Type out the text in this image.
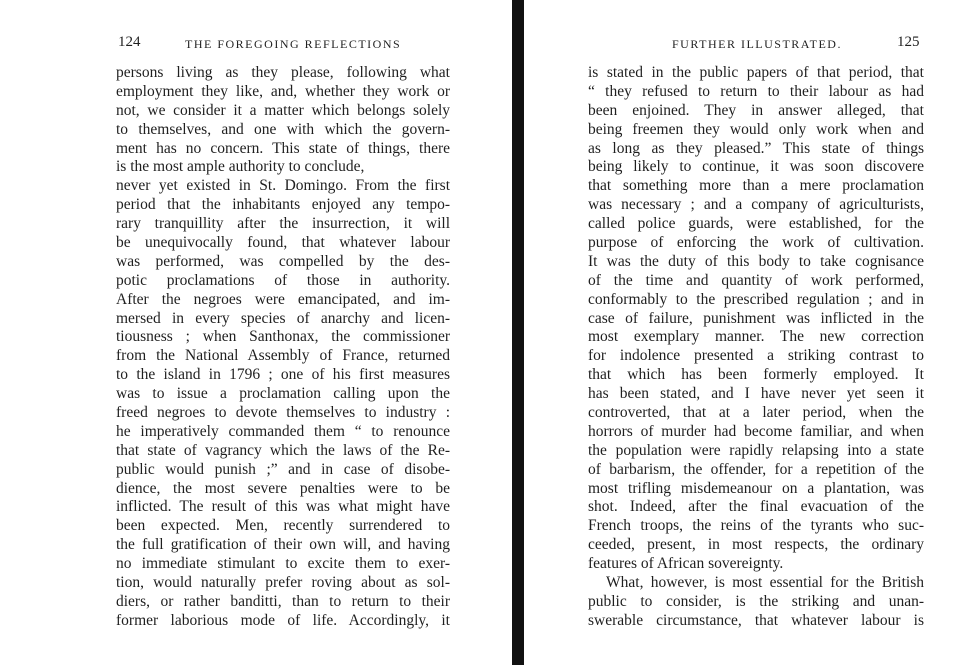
124	THE FOREGOING REFLECTIONS
persons living as they please, following what
employment they like, and, whether they work or
not, we consider it a matter which belongs solely
to themselves, and one with which the govern-
ment has no concern. This state of things, there
is the most ample authority to conclude,
never yet existed in St. Domingo. From the first
period that the inhabitants enjoyed any tempo-
rary tranquillity after the insurrection, it will
be unequivocally found, that whatever labour
was performed, was compelled by the des-
potic proclamations of those in authority.
After the negroes were emancipated, and im-
mersed in every species of anarchy and licen-
tiousness ; when Santhonax, the commissioner
from the National Assembly of France, returned
to the island in 1796 ; one of his first measures
was to issue a proclamation calling upon the
freed negroes to devote themselves to industry :
he imperatively commanded them “ to renounce
that state of vagrancy which the laws of the Re-
public would punish ;” and in case of disobe-
dience, the most severe penalties were to be
inflicted. The result of this was what might have
been expected. Men, recently surrendered to
the full gratification of their own will, and having
no immediate stimulant to excite them to exer-
tion, would naturally prefer roving about as sol-
diers, or rather banditti, than to return to their
former laborious mode of life. Accordingly, it
FURTHER ILLUSTRATED.	125
is stated in the public papers of that period, that
“ they refused to return to their labour as had
been enjoined. They in answer alleged, that
being freemen they would only work when and
as long as they pleased.” This state of things
being likely to continue, it was soon discovere
that something more than a mere proclamation
was necessary ; and a company of agriculturists,
called police guards, were established, for the
purpose of enforcing the work of cultivation.
It was the duty of this body to take cognisance
of the time and quantity of work performed,
conformably to the prescribed regulation ; and in
case of failure, punishment was inflicted in the
most exemplary manner. The new correction
for indolence presented a striking contrast to
that which has been formerly employed. It
has been stated, and I have never yet seen it
controverted, that at a later period, when the
horrors of murder had become familiar, and when
the population were rapidly relapsing into a state
of barbarism, the offender, for a repetition of the
most trifling misdemeanour on a plantation, was
shot. Indeed, after the final evacuation of the
French troops, the reins of the tyrants who suc-
ceeded, present, in most respects, the ordinary
features of African sovereignty.
What, however, is most essential for the British
public to consider, is the striking and unan-
swerable circumstance, that whatever labour is
